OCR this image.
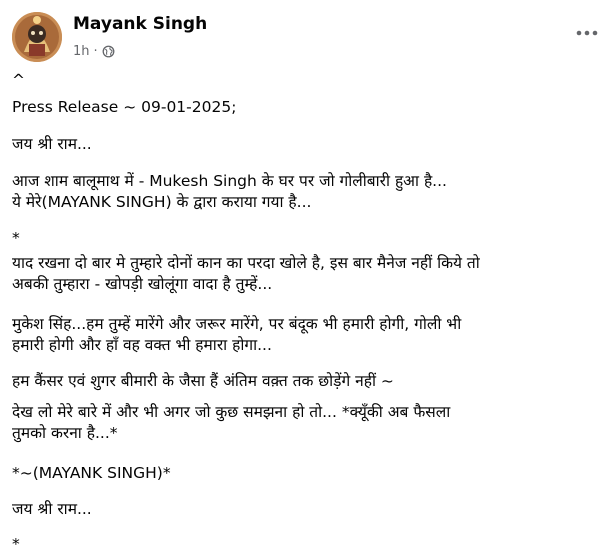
Mayank Singh
1h ·

^

Press Release ~ 09-01-2025;

जय श्री राम...

आज शाम बालूमाथ में - Mukesh Singh के घर पर जो गोलीबारी हुआ है...

ये मेरे(MAYANK SINGH) के द्वारा कराया गया है...

*

याद रखना दो बार मे तुम्हारे दोनों कान का परदा खोले है, इस बार मैनेज नहीं किये तो

अबकी तुम्हारा - खोपड़ी खोलूंगा वादा है तुम्हें...

मुकेश सिंह...हम तुम्हें मारेंगे और जरूर मारेंगे, पर बंदूक भी हमारी होगी, गोली भी

हमारी होगी और हाँ वह वक्त भी हमारा होगा...

हम कैंसर एवं शुगर बीमारी के जैसा हैं अंतिम वक़्त तक छोड़ेंगे नहीं ~

देख लो मेरे बारे में और भी अगर जो कुछ समझना हो तो... *क्यूँकी अब फैसला

तुमको करना है...*

*~(MAYANK SINGH)*

जय श्री राम...

*
